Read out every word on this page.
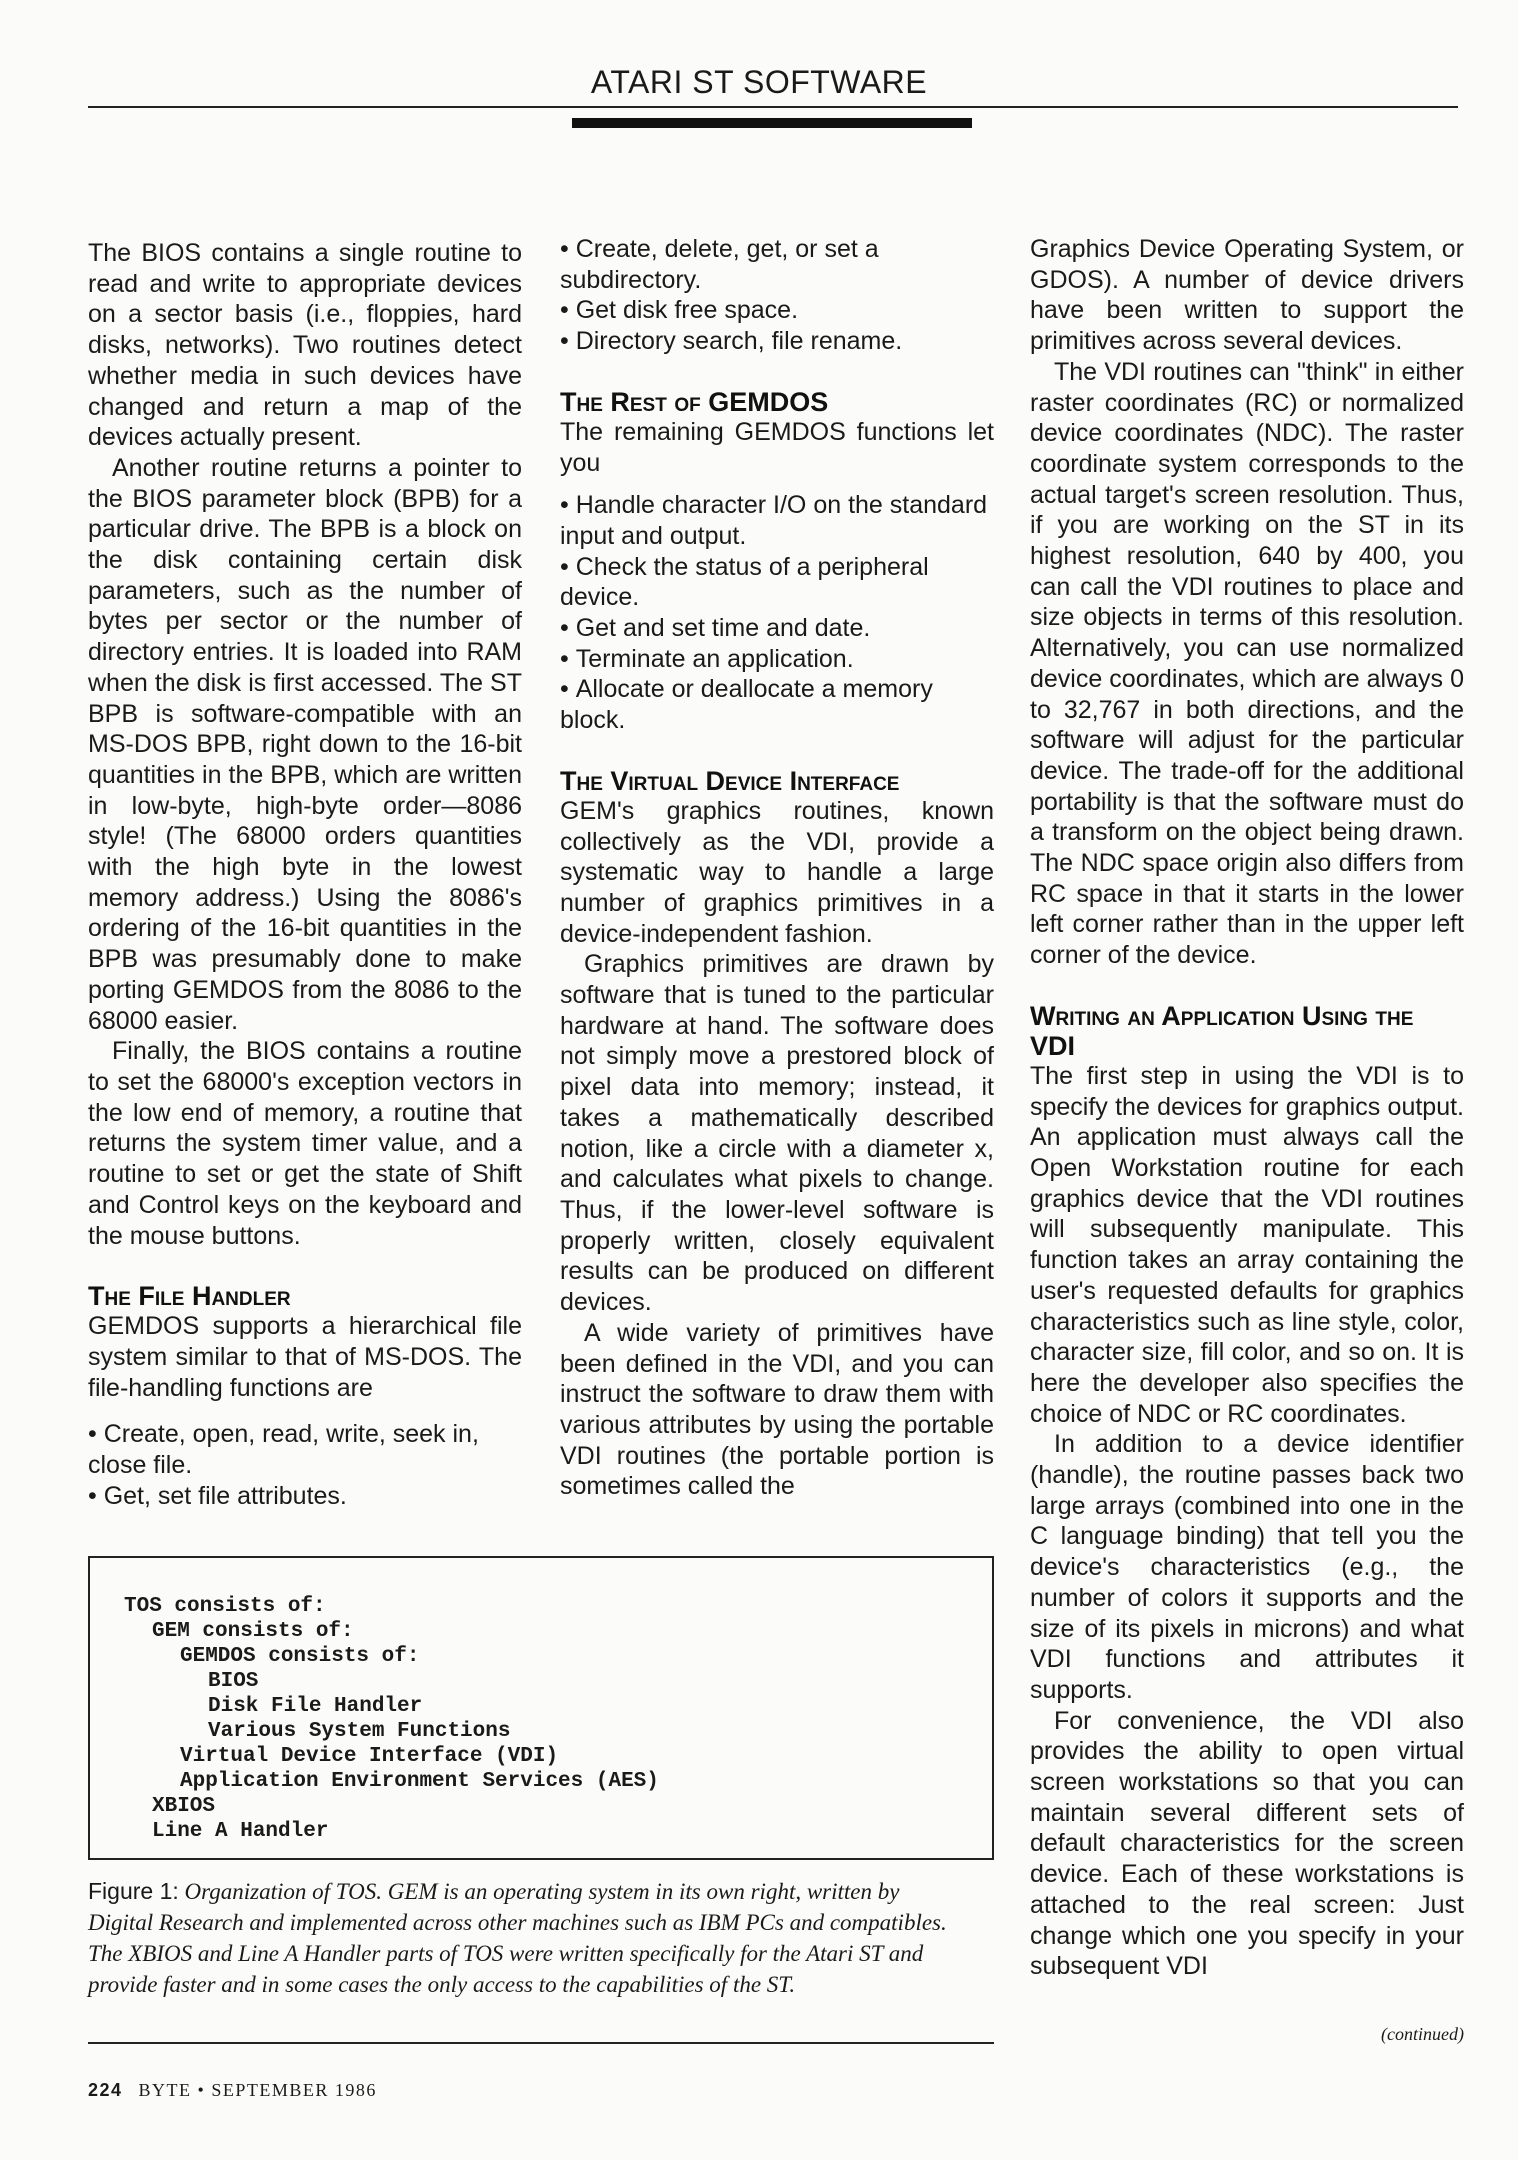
ATARI ST SOFTWARE

The BIOS contains a single routine to read and write to appropriate devices on a sector basis (i.e., floppies, hard disks, networks). Two routines detect whether media in such devices have changed and return a map of the devices actually present.

Another routine returns a pointer to the BIOS parameter block (BPB) for a particular drive. The BPB is a block on the disk containing certain disk parameters, such as the number of bytes per sector or the number of directory entries. It is loaded into RAM when the disk is first accessed. The ST BPB is software-compatible with an MS-DOS BPB, right down to the 16-bit quantities in the BPB, which are written in low-byte, high-byte order—8086 style! (The 68000 orders quantities with the high byte in the lowest memory address.) Using the 8086's ordering of the 16-bit quantities in the BPB was presumably done to make porting GEMDOS from the 8086 to the 68000 easier.

Finally, the BIOS contains a routine to set the 68000's exception vectors in the low end of memory, a routine that returns the system timer value, and a routine to set or get the state of Shift and Control keys on the keyboard and the mouse buttons.

The File Handler

GEMDOS supports a hierarchical file system similar to that of MS-DOS. The file-handling functions are

• Create, open, read, write, seek in, close file.
• Get, set file attributes.
• Create, delete, get, or set a subdirectory.
• Get disk free space.
• Directory search, file rename.
The Rest of GEMDOS

The remaining GEMDOS functions let you

• Handle character I/O on the standard input and output.
• Check the status of a peripheral device.
• Get and set time and date.
• Terminate an application.
• Allocate or deallocate a memory block.
The Virtual Device Interface

GEM's graphics routines, known collectively as the VDI, provide a systematic way to handle a large number of graphics primitives in a device-independent fashion.

Graphics primitives are drawn by software that is tuned to the particular hardware at hand. The software does not simply move a prestored block of pixel data into memory; instead, it takes a mathematically described notion, like a circle with a diameter x, and calculates what pixels to change. Thus, if the lower-level software is properly written, closely equivalent results can be produced on different devices.

A wide variety of primitives have been defined in the VDI, and you can instruct the software to draw them with various attributes by using the portable VDI routines (the portable portion is sometimes called the

Graphics Device Operating System, or GDOS). A number of device drivers have been written to support the primitives across several devices.

The VDI routines can "think" in either raster coordinates (RC) or normalized device coordinates (NDC). The raster coordinate system corresponds to the actual target's screen resolution. Thus, if you are working on the ST in its highest resolution, 640 by 400, you can call the VDI routines to place and size objects in terms of this resolution. Alternatively, you can use normalized device coordinates, which are always 0 to 32,767 in both directions, and the software will adjust for the particular device. The trade-off for the additional portability is that the software must do a transform on the object being drawn. The NDC space origin also differs from RC space in that it starts in the lower left corner rather than in the upper left corner of the device.

Writing an Application Using the VDI

The first step in using the VDI is to specify the devices for graphics output. An application must always call the Open Workstation routine for each graphics device that the VDI routines will subsequently manipulate. This function takes an array containing the user's requested defaults for graphics characteristics such as line style, color, character size, fill color, and so on. It is here the developer also specifies the choice of NDC or RC coordinates.

In addition to a device identifier (handle), the routine passes back two large arrays (combined into one in the C language binding) that tell you the device's characteristics (e.g., the number of colors it supports and the size of its pixels in microns) and what VDI functions and attributes it supports.

For convenience, the VDI also provides the ability to open virtual screen workstations so that you can maintain several different sets of default characteristics for the screen device. Each of these workstations is attached to the real screen: Just change which one you specify in your subsequent VDI

TOS consists of:
GEM consists of:
GEMDOS consists of:
BIOS
Disk File Handler
Various System Functions
Virtual Device Interface (VDI)
Application Environment Services (AES)
XBIOS
Line A Handler
Figure 1: Organization of TOS. GEM is an operating system in its own right, written by Digital Research and implemented across other machines such as IBM PCs and compatibles. The XBIOS and Line A Handler parts of TOS were written specifically for the Atari ST and provide faster and in some cases the only access to the capabilities of the ST.
(continued)
224 BYTE • SEPTEMBER 1986
